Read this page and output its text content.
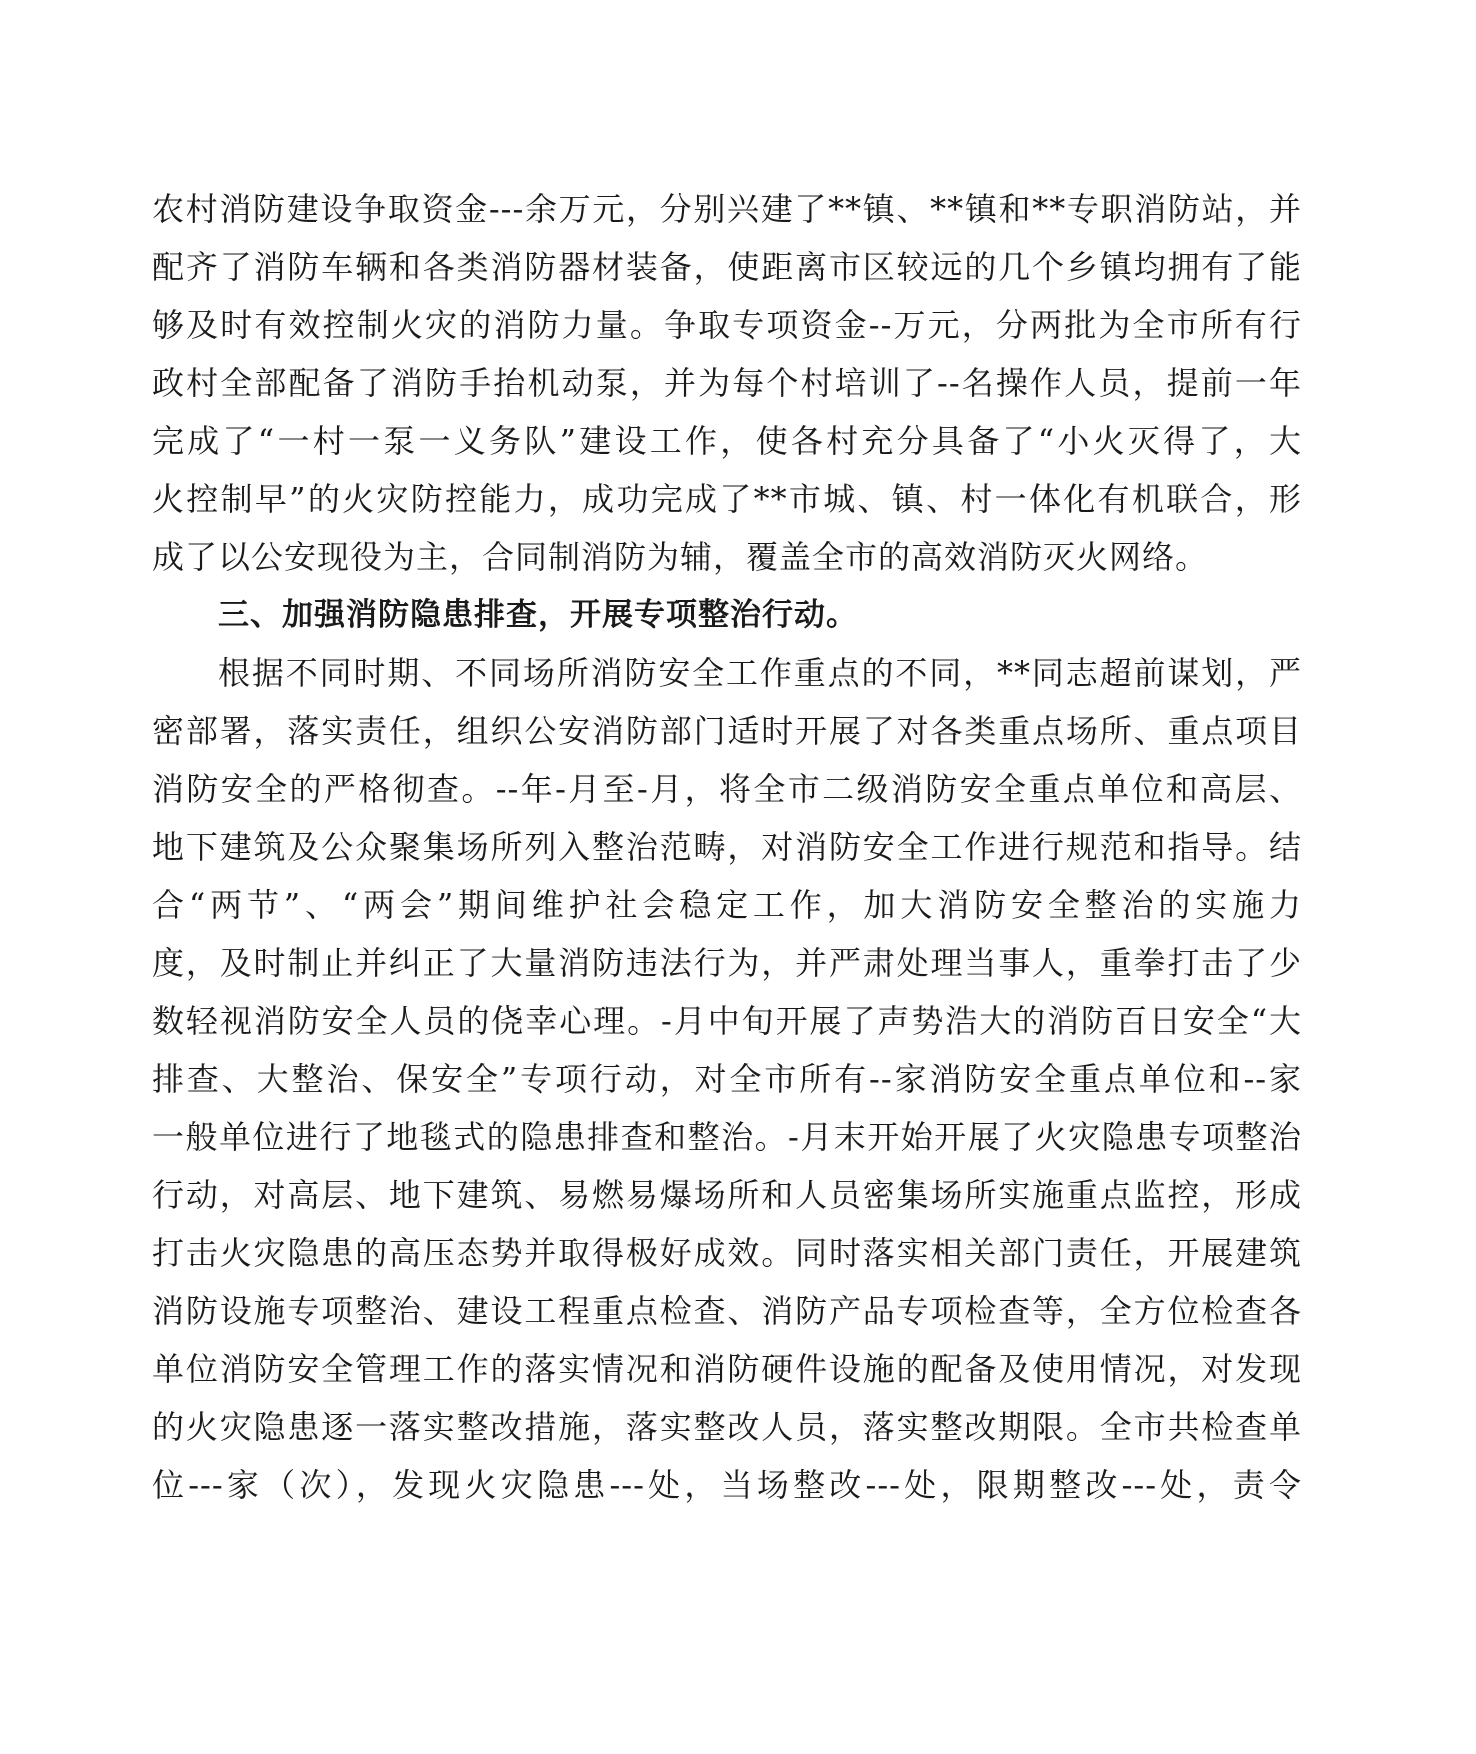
农村消防建设争取资金---余万元，分别兴建了**镇、**镇和**专职消防站，并
配齐了消防车辆和各类消防器材装备，使距离市区较远的几个乡镇均拥有了能
够及时有效控制火灾的消防力量。争取专项资金--万元，分两批为全市所有行
政村全部配备了消防手抬机动泵，并为每个村培训了--名操作人员，提前一年
完成了“一村一泵一义务队”建设工作，使各村充分具备了“小火灭得了，大
火控制早”的火灾防控能力，成功完成了**市城、镇、村一体化有机联合，形
成了以公安现役为主，合同制消防为辅，覆盖全市的高效消防灭火网络。
三、加强消防隐患排查，开展专项整治行动。
根据不同时期、不同场所消防安全工作重点的不同，**同志超前谋划，严
密部署，落实责任，组织公安消防部门适时开展了对各类重点场所、重点项目
消防安全的严格彻查。--年-月至-月，将全市二级消防安全重点单位和高层、
地下建筑及公众聚集场所列入整治范畴，对消防安全工作进行规范和指导。结
合“两节”、“两会”期间维护社会稳定工作，加大消防安全整治的实施力
度，及时制止并纠正了大量消防违法行为，并严肃处理当事人，重拳打击了少
数轻视消防安全人员的侥幸心理。-月中旬开展了声势浩大的消防百日安全“大
排查、大整治、保安全”专项行动，对全市所有--家消防安全重点单位和--家
一般单位进行了地毯式的隐患排查和整治。-月末开始开展了火灾隐患专项整治
行动，对高层、地下建筑、易燃易爆场所和人员密集场所实施重点监控，形成
打击火灾隐患的高压态势并取得极好成效。同时落实相关部门责任，开展建筑
消防设施专项整治、建设工程重点检查、消防产品专项检查等，全方位检查各
单位消防安全管理工作的落实情况和消防硬件设施的配备及使用情况，对发现
的火灾隐患逐一落实整改措施，落实整改人员，落实整改期限。全市共检查单
位---家（次），发现火灾隐患---处，当场整改---处，限期整改---处，责令
